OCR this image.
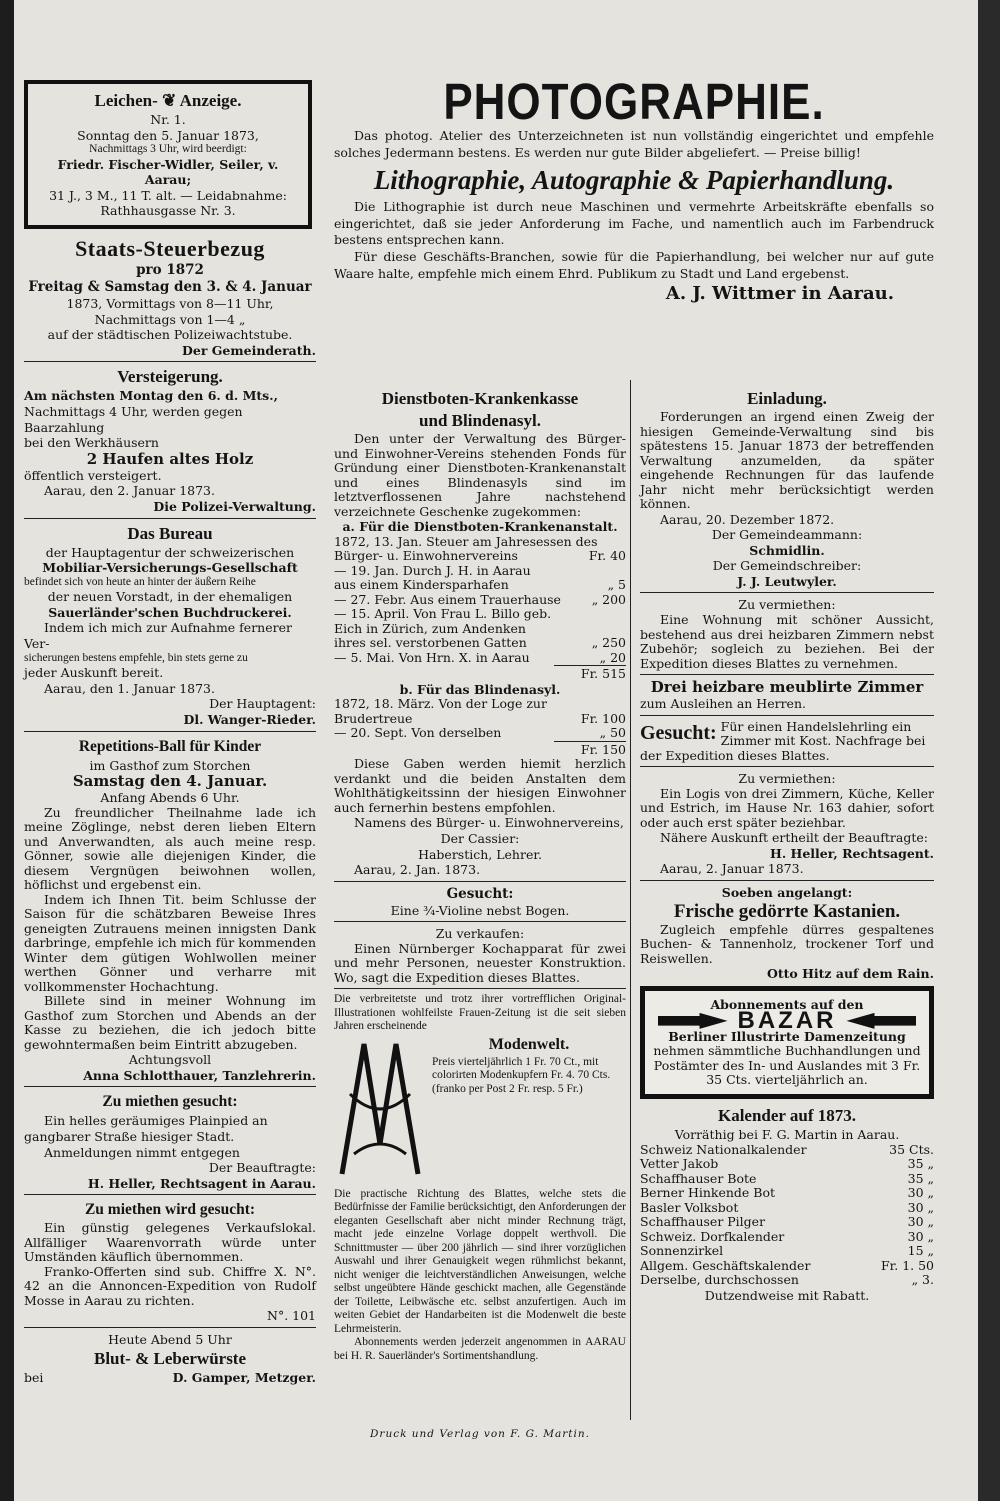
Leichen- ❦ Anzeige.
Nr. 1.
Sonntag den 5. Januar 1873,
Nachmittags 3 Uhr, wird beerdigt:
Friedr. Fischer-Widler, Seiler, v. Aarau;
31 J., 3 M., 11 T. alt. — Leidabnahme:
Rathhausgasse Nr. 3.
Staats-Steuerbezug
pro 1872
Freitag & Samstag den 3. & 4. Januar
1873, Vormittags von 8—11 Uhr,
Nachmittags von 1—4 „
auf der städtischen Polizeiwachtstube.
Der Gemeinderath.
Versteigerung.
Am nächsten Montag den 6. d. Mts.,
Nachmittags 4 Uhr, werden gegen Baarzahlung
bei den Werkhäusern
2 Haufen altes Holz
öffentlich versteigert.
Aarau, den 2. Januar 1873.
Die Polizei-Verwaltung.
Das Bureau
der Hauptagentur der schweizerischen
Mobiliar-Versicherungs-Gesellschaft
befindet sich von heute an hinter der äußern Reihe
der neuen Vorstadt, in der ehemaligen
Sauerländer'schen Buchdruckerei.
Indem ich mich zur Aufnahme fernerer Ver-
sicherungen bestens empfehle, bin stets gerne zu
jeder Auskunft bereit.
Aarau, den 1. Januar 1873.
Der Hauptagent:
Dl. Wanger-Rieder.
Repetitions-Ball für Kinder
im Gasthof zum Storchen
Samstag den 4. Januar.
Anfang Abends 6 Uhr.
Zu freundlicher Theilnahme lade ich meine Zöglinge, nebst deren lieben Eltern und Anverwandten, als auch meine resp. Gönner, sowie alle diejenigen Kinder, die diesem Vergnügen beiwohnen wollen, höflichst und ergebenst ein.
Indem ich Ihnen Tit. beim Schlusse der Saison für die schätzbaren Beweise Ihres geneigten Zutrauens meinen innigsten Dank darbringe, empfehle ich mich für kommenden Winter dem gütigen Wohlwollen meiner werthen Gönner und verharre mit vollkommenster Hochachtung.
Billete sind in meiner Wohnung im Gasthof zum Storchen und Abends an der Kasse zu beziehen, die ich jedoch bitte gewohntermaßen beim Eintritt abzugeben.
Achtungsvoll
Anna Schlotthauer, Tanzlehrerin.
Zu miethen gesucht:
Ein helles geräumiges Plainpied an
gangbarer Straße hiesiger Stadt.
Anmeldungen nimmt entgegen
Der Beauftragte:
H. Heller, Rechtsagent in Aarau.
Zu miethen wird gesucht:
Ein günstig gelegenes Verkaufslokal. Allfälliger Waarenvorrath würde unter Umständen käuflich übernommen.
Franko-Offerten sind sub. Chiffre X. N°. 42 an die Annoncen-Expedition von Rudolf Mosse in Aarau zu richten.
N°. 101
Heute Abend 5 Uhr
Blut- & Leberwürste
bei	D. Gamper, Metzger.
PHOTOGRAPHIE.
Das photog. Atelier des Unterzeichneten ist nun vollständig eingerichtet und empfehle solches Jedermann bestens. Es werden nur gute Bilder abgeliefert. — Preise billig!
Lithographie, Autographie & Papierhandlung.
Die Lithographie ist durch neue Maschinen und vermehrte Arbeitskräfte ebenfalls so eingerichtet, daß sie jeder Anforderung im Fache, und namentlich auch im Farbendruck bestens entsprechen kann.
Für diese Geschäfts-Branchen, sowie für die Papierhandlung, bei welcher nur auf gute Waare halte, empfehle mich einem Ehrd. Publikum zu Stadt und Land ergebenst.
A. J. Wittmer in Aarau.
Dienstboten-Krankenkasse
und Blindenasyl.
Den unter der Verwaltung des Bürger- und Einwohner-Vereins stehenden Fonds für Gründung einer Dienstboten-Krankenanstalt und eines Blindenasyls sind im letztverflossenen Jahre nachstehend verzeichnete Geschenke zugekommen:
a. Für die Dienstboten-Krankenanstalt.
1872, 13. Jan. Steuer am Jahresessen des
Bürger- u. Einwohnervereins	Fr. 40
— 19. Jan. Durch J. H. in Aarau
aus einem Kindersparhafen	„ 5
— 27. Febr. Aus einem Trauerhause „ 200
— 15. April. Von Frau L. Billo geb.
Eich in Zürich, zum Andenken
ihres sel. verstorbenen Gatten	„ 250
— 5. Mai. Von Hrn. X. in Aarau	„ 20
Fr. 515
b. Für das Blindenasyl.
1872, 18. März. Von der Loge zur
Brudertreue	Fr. 100
— 20. Sept. Von derselben	„ 50
Fr. 150
Diese Gaben werden hiemit herzlich verdankt und die beiden Anstalten dem Wohlthätigkeitssinn der hiesigen Einwohner auch fernerhin bestens empfohlen.
Namens des Bürger- u. Einwohnervereins,
Der Cassier:
Haberstich, Lehrer.
Aarau, 2. Jan. 1873.
Gesucht:
Eine ¾-Violine nebst Bogen.
Zu verkaufen:
Einen Nürnberger Kochapparat für zwei und mehr Personen, neuester Konstruktion. Wo, sagt die Expedition dieses Blattes.
Die verbreitetste und trotz ihrer vortrefflichen Original-Illustrationen wohlfeilste Frauen-Zeitung ist die seit sieben Jahren erscheinende
Modenwelt.
Preis vierteljährlich 1 Fr. 70 Ct., mit colorirten Modenkupfern Fr. 4. 70 Cts. (franko per Post 2 Fr. resp. 5 Fr.)
Die practische Richtung des Blattes, welche stets die Bedürfnisse der Familie berücksichtigt, den Anforderungen der eleganten Gesellschaft aber nicht minder Rechnung trägt, macht jede einzelne Vorlage doppelt werthvoll. Die Schnittmuster — über 200 jährlich — sind ihrer vorzüglichen Auswahl und ihrer Genauigkeit wegen rühmlichst bekannt, nicht weniger die leichtverständlichen Anweisungen, welche selbst ungeübtere Hände geschickt machen, alle Gegenstände der Toilette, Leibwäsche etc. selbst anzufertigen. Auch im weiten Gebiet der Handarbeiten ist die Modenwelt die beste Lehrmeisterin.
Abonnements werden jederzeit angenommen in AARAU bei H. R. Sauerländer's Sortimentshandlung.
Einladung.
Forderungen an irgend einen Zweig der hiesigen Gemeinde-Verwaltung sind bis spätestens 15. Januar 1873 der betreffenden Verwaltung anzumelden, da später eingehende Rechnungen für das laufende Jahr nicht mehr berücksichtigt werden können.
Aarau, 20. Dezember 1872.
Der Gemeindeammann:
Schmidlin.
Der Gemeindschreiber:
J. J. Leutwyler.
Zu vermiethen:
Eine Wohnung mit schöner Aussicht, bestehend aus drei heizbaren Zimmern nebst Zubehör; sogleich zu beziehen. Bei der Expedition dieses Blattes zu vernehmen.
Drei heizbare meublirte Zimmer
zum Ausleihen an Herren.
Gesucht: Für einen Handelslehrling ein Zimmer mit Kost. Nachfrage bei der Expedition dieses Blattes.
Zu vermiethen:
Ein Logis von drei Zimmern, Küche, Keller und Estrich, im Hause Nr. 163 dahier, sofort oder auch erst später beziehbar.
Nähere Auskunft ertheilt der Beauftragte:
H. Heller, Rechtsagent.
Aarau, 2. Januar 1873.
Soeben angelangt:
Frische gedörrte Kastanien.
Zugleich empfehle dürres gespaltenes Buchen- & Tannenholz, trockener Torf und Reiswellen.
Otto Hitz auf dem Rain.
Abonnements auf den
BAZAR
Berliner Illustrirte Damenzeitung
nehmen sämmtliche Buchhandlungen und Postämter des In- und Auslandes mit 3 Fr. 35 Cts. vierteljährlich an.
Kalender auf 1873.
Vorräthig bei F. G. Martin in Aarau.
Schweiz Nationalkalender	35 Cts.
Vetter Jakob	35 „
Schaffhauser Bote	35 „
Berner Hinkende Bot	30 „
Basler Volksbot	30 „
Schaffhauser Pilger	30 „
Schweiz. Dorfkalender	30 „
Sonnenzirkel	15 „
Allgem. Geschäftskalender	Fr. 1. 50
Derselbe, durchschossen	„ 3.
Dutzendweise mit Rabatt.
Druck und Verlag von F. G. Martin.
